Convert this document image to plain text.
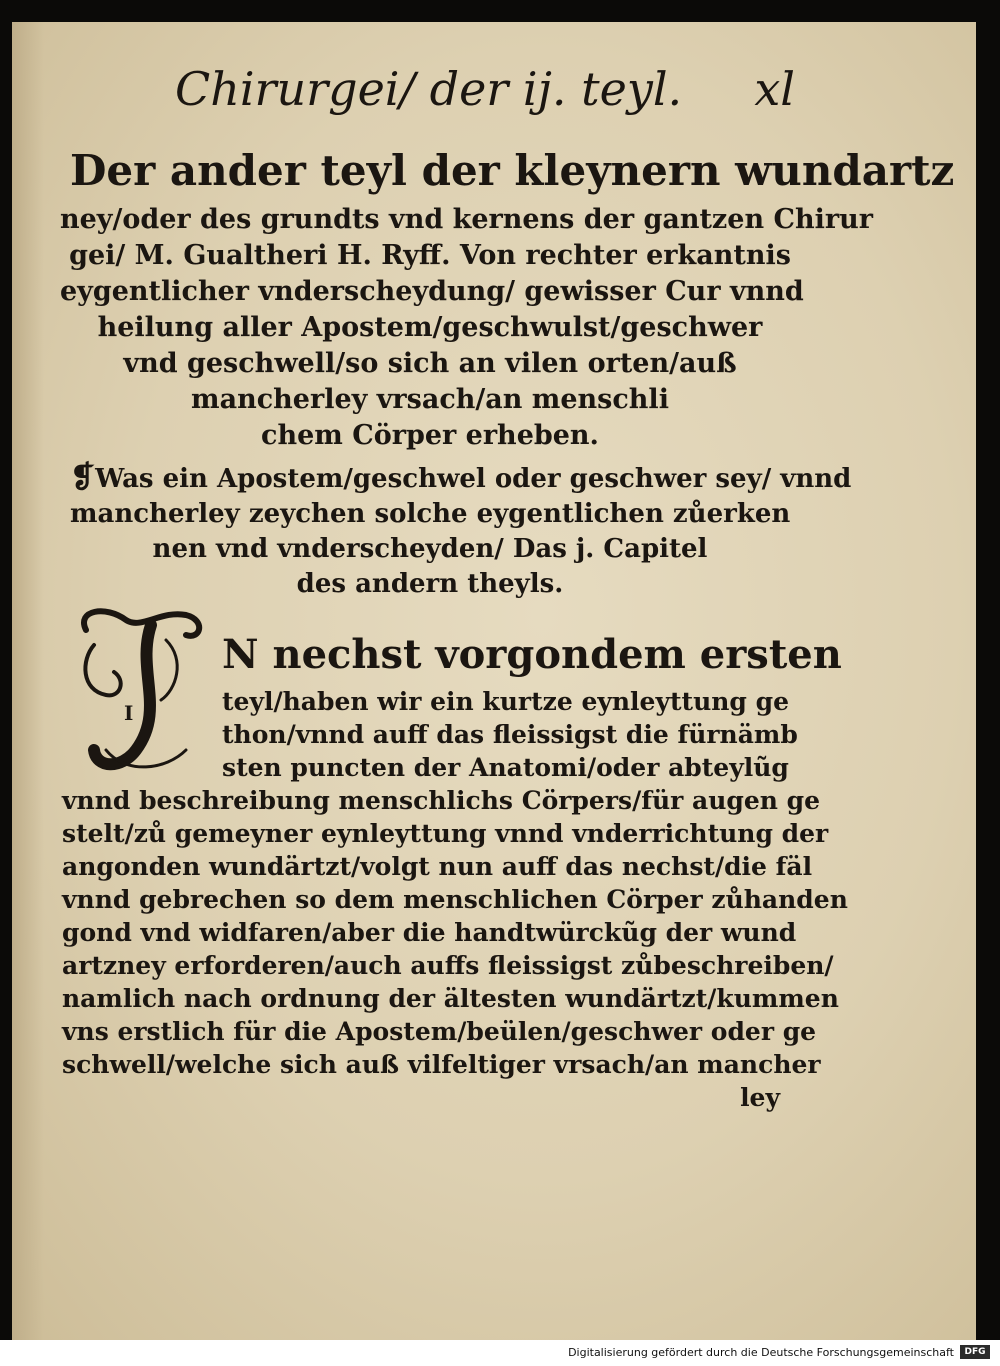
Chirurgei/ der ij. teyl. xl
Der ander teyl der kleynern wundartz
ney/oder des grundts vnd kernens der gantzen Chirur
gei/ M. Gualtheri H. Ryff. Von rechter erkantnis
eygentlicher vnderscheydung/ gewisser Cur vnnd
heilung aller Apostem/geschwulst/geschwer
vnd geschwell/so sich an vilen orten/auß
mancherley vrsach/an menschli
chem Cörper erheben.
❡Was ein Apostem/geschwel oder geschwer sey/ vnnd
mancherley zeychen solche eygentlichen zůerken
nen vnd vnderscheyden/ Das j. Capitel
des andern theyls.
I
N nechst vorgondem ersten
teyl/haben wir ein kurtze eynleyttung ge
thon/vnnd auff das fleissigst die fürnämb
sten puncten der Anatomi/oder abteylũg
vnnd beschreibung menschlichs Cörpers/für augen ge
stelt/zů gemeyner eynleyttung vnnd vnderrichtung der
angonden wundärtzt/volgt nun auff das nechst/die fäl
vnnd gebrechen so dem menschlichen Cörper zůhanden
gond vnd widfaren/aber die handtwürckũg der wund
artzney erforderen/auch auffs fleissigst zůbeschreiben/
namlich nach ordnung der ältesten wundärtzt/kummen
vns erstlich für die Apostem/beülen/geschwer oder ge
schwell/welche sich auß vilfeltiger vrsach/an mancher
ley
Digitalisierung gefördert durch die Deutsche Forschungsgemeinschaft	DFG
